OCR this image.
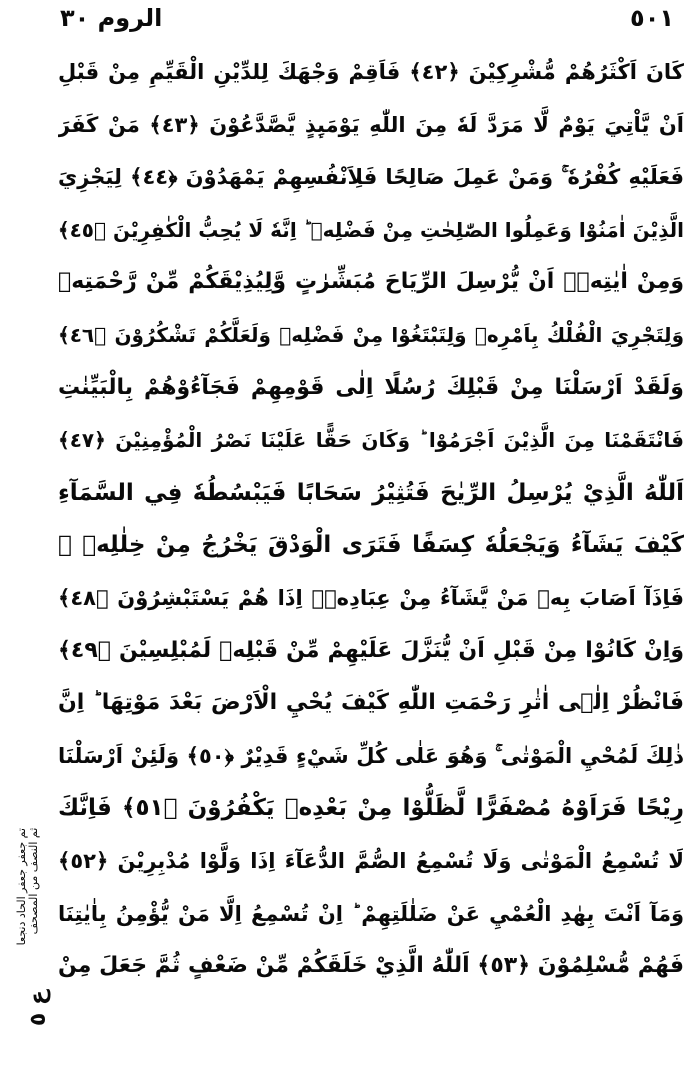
٥٠١
الروم ٣٠
كَانَ اَكْثَرُهُمْ مُّشْرِكِيْنَ ﴿٤٢﴾ فَاَقِمْ وَجْهَكَ لِلدِّيْنِ الْقَيِّمِ مِنْ قَبْلِ
اَنْ يَّاْتِيَ يَوْمٌ لَّا مَرَدَّ لَهٗ مِنَ اللّٰهِ يَوْمَىِٕذٍ يَّصَّدَّعُوْنَ ﴿٤٣﴾ مَنْ كَفَرَ
فَعَلَيْهِ كُفْرُهٗ ۚ وَمَنْ عَمِلَ صَالِحًا فَلِاَنْفُسِهِمْ يَمْهَدُوْنَ ﴿٤٤﴾ لِيَجْزِيَ
الَّذِيْنَ اٰمَنُوْا وَعَمِلُوا الصّٰلِحٰتِ مِنْ فَضْلِهٖ ؕ اِنَّهٗ لَا يُحِبُّ الْكٰفِرِيْنَ ﴿٤٥﴾
وَمِنْ اٰيٰتِهٖۤ اَنْ يُّرْسِلَ الرِّيَاحَ مُبَشِّرٰتٍ وَّلِيُذِيْقَكُمْ مِّنْ رَّحْمَتِهٖ
وَلِتَجْرِيَ الْفُلْكُ بِاَمْرِهٖ وَلِتَبْتَغُوْا مِنْ فَضْلِهٖ وَلَعَلَّكُمْ تَشْكُرُوْنَ ﴿٤٦﴾
وَلَقَدْ اَرْسَلْنَا مِنْ قَبْلِكَ رُسُلًا اِلٰى قَوْمِهِمْ فَجَآءُوْهُمْ بِالْبَيِّنٰتِ
فَانْتَقَمْنَا مِنَ الَّذِيْنَ اَجْرَمُوْا ؕ وَكَانَ حَقًّا عَلَيْنَا نَصْرُ الْمُؤْمِنِيْنَ ﴿٤٧﴾
اَللّٰهُ الَّذِيْ يُرْسِلُ الرِّيٰحَ فَتُثِيْرُ سَحَابًا فَيَبْسُطُهٗ فِي السَّمَآءِ
كَيْفَ يَشَآءُ وَيَجْعَلُهٗ كِسَفًا فَتَرَى الْوَدْقَ يَخْرُجُ مِنْ خِلٰلِهٖ ۚ
فَاِذَآ اَصَابَ بِهٖ مَنْ يَّشَآءُ مِنْ عِبَادِهٖۤ اِذَا هُمْ يَسْتَبْشِرُوْنَ ﴿٤٨﴾
وَاِنْ كَانُوْا مِنْ قَبْلِ اَنْ يُّنَزَّلَ عَلَيْهِمْ مِّنْ قَبْلِهٖ لَمُبْلِسِيْنَ ﴿٤٩﴾
فَانْظُرْ اِلٰۤى اٰثٰرِ رَحْمَتِ اللّٰهِ كَيْفَ يُحْيِ الْاَرْضَ بَعْدَ مَوْتِهَا ؕ اِنَّ
ذٰلِكَ لَمُحْيِ الْمَوْتٰى ۚ وَهُوَ عَلٰى كُلِّ شَيْءٍ قَدِيْرٌ ﴿٥٠﴾ وَلَئِنْ اَرْسَلْنَا
رِيْحًا فَرَاَوْهُ مُصْفَرًّا لَّظَلُّوْا مِنْ بَعْدِهٖ يَكْفُرُوْنَ ﴿٥١﴾ فَاِنَّكَ
لَا تُسْمِعُ الْمَوْتٰى وَلَا تُسْمِعُ الصُّمَّ الدُّعَآءَ اِذَا وَلَّوْا مُدْبِرِيْنَ ﴿٥٢﴾
وَمَآ اَنْتَ بِهٰدِ الْعُمْيِ عَنْ ضَلٰلَتِهِمْ ؕ اِنْ تُسْمِعُ اِلَّا مَنْ يُّؤْمِنُ بِاٰيٰتِنَا
فَهُمْ مُّسْلِمُوْنَ ﴿٥٣﴾ اَللّٰهُ الَّذِيْ خَلَقَكُمْ مِّنْ ضَعْفٍ ثُمَّ جَعَلَ مِنْ
تم جعفر جعفر الحاد دنجعا ثم النصف من المصحف
ع ٥
